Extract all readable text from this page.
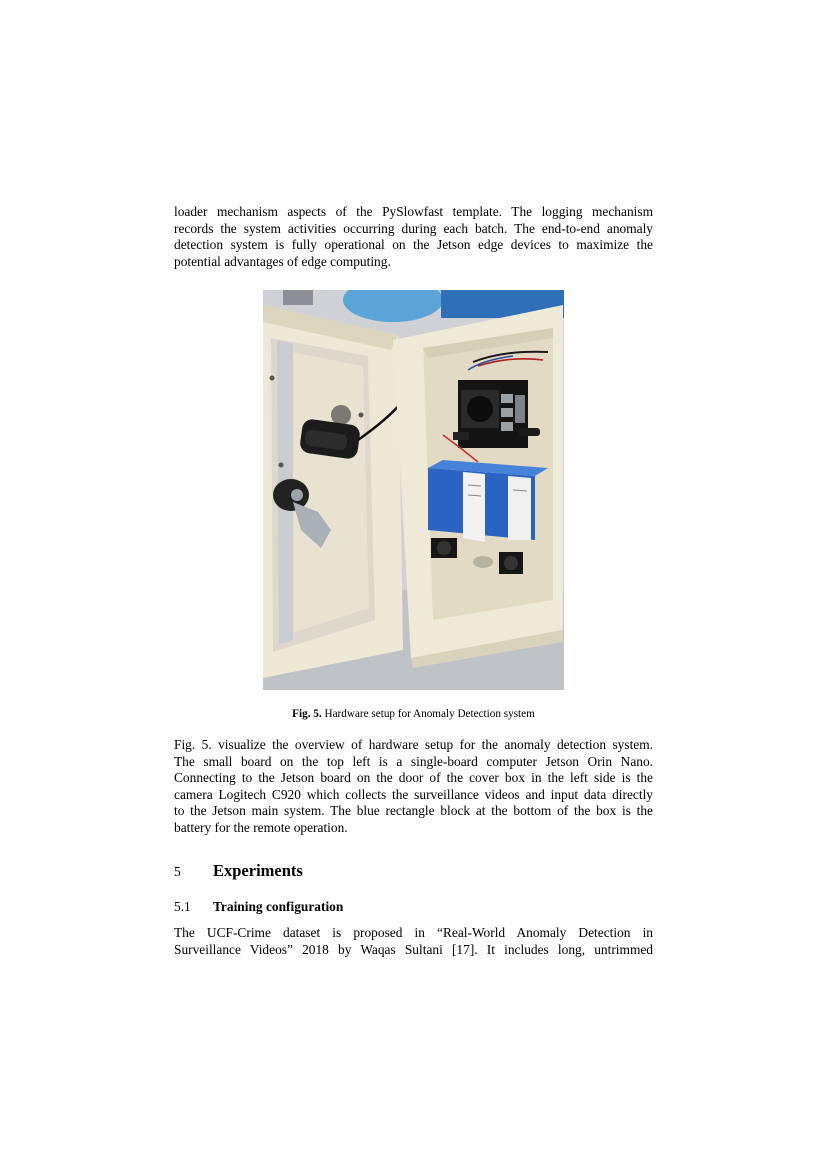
loader mechanism aspects of the PySlowfast template. The logging mechanism
records the system activities occurring during each batch. The end-to-end anomaly
detection system is fully operational on the Jetson edge devices to maximize the
potential advantages of edge computing.

Fig. 5. Hardware setup for Anomaly Detection system

Fig. 5. visualize the overview of hardware setup for the anomaly detection system.
The small board on the top left is a single-board computer Jetson Orin Nano.
Connecting to the Jetson board on the door of the cover box in the left side is the
camera Logitech C920 which collects the surveillance videos and input data directly
to the Jetson main system. The blue rectangle block at the bottom of the box is the
battery for the remote operation.

5 Experiments
5.1 Training configuration

The UCF-Crime dataset is proposed in “Real-World Anomaly Detection in
Surveillance Videos” 2018 by Waqas Sultani [17]. It includes long, untrimmed
